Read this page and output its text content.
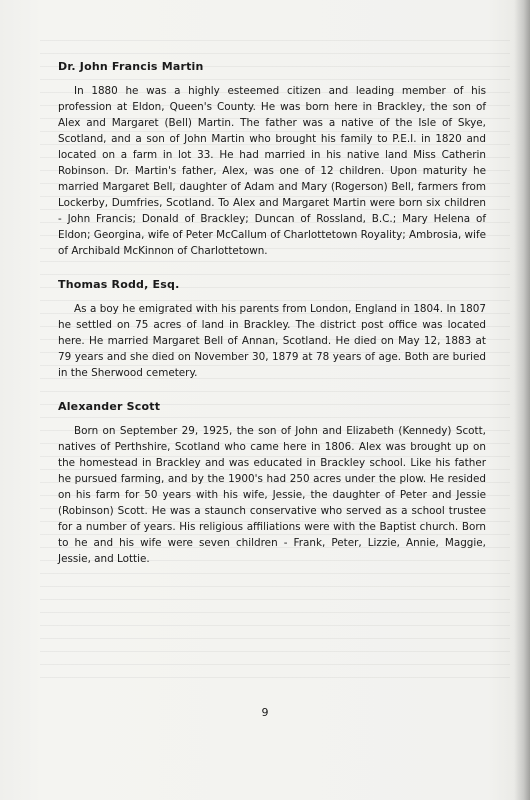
Dr. John Francis Martin

In 1880 he was a highly esteemed citizen and leading member of his profession at Eldon, Queen's County. He was born here in Brackley, the son of Alex and Margaret (Bell) Martin. The father was a native of the Isle of Skye, Scotland, and a son of John Martin who brought his family to P.E.I. in 1820 and located on a farm in lot 33. He had married in his native land Miss Catherin Robinson. Dr. Martin's father, Alex, was one of 12 children. Upon maturity he married Margaret Bell, daughter of Adam and Mary (Rogerson) Bell, farmers from Lockerby, Dumfries, Scotland. To Alex and Margaret Martin were born six children - John Francis; Donald of Brackley; Duncan of Rossland, B.C.; Mary Helena of Eldon; Georgina, wife of Peter McCallum of Charlottetown Royality; Ambrosia, wife of Archibald McKinnon of Charlottetown.

Thomas Rodd, Esq.

As a boy he emigrated with his parents from London, England in 1804. In 1807 he settled on 75 acres of land in Brackley. The district post office was located here. He married Margaret Bell of Annan, Scotland. He died on May 12, 1883 at 79 years and she died on November 30, 1879 at 78 years of age. Both are buried in the Sherwood cemetery.

Alexander Scott

Born on September 29, 1925, the son of John and Elizabeth (Kennedy) Scott, natives of Perthshire, Scotland who came here in 1806. Alex was brought up on the homestead in Brackley and was educated in Brackley school. Like his father he pursued farming, and by the 1900's had 250 acres under the plow. He resided on his farm for 50 years with his wife, Jessie, the daughter of Peter and Jessie (Robinson) Scott. He was a staunch conservative who served as a school trustee for a number of years. His religious affiliations were with the Baptist church. Born to he and his wife were seven children - Frank, Peter, Lizzie, Annie, Maggie, Jessie, and Lottie.

9
